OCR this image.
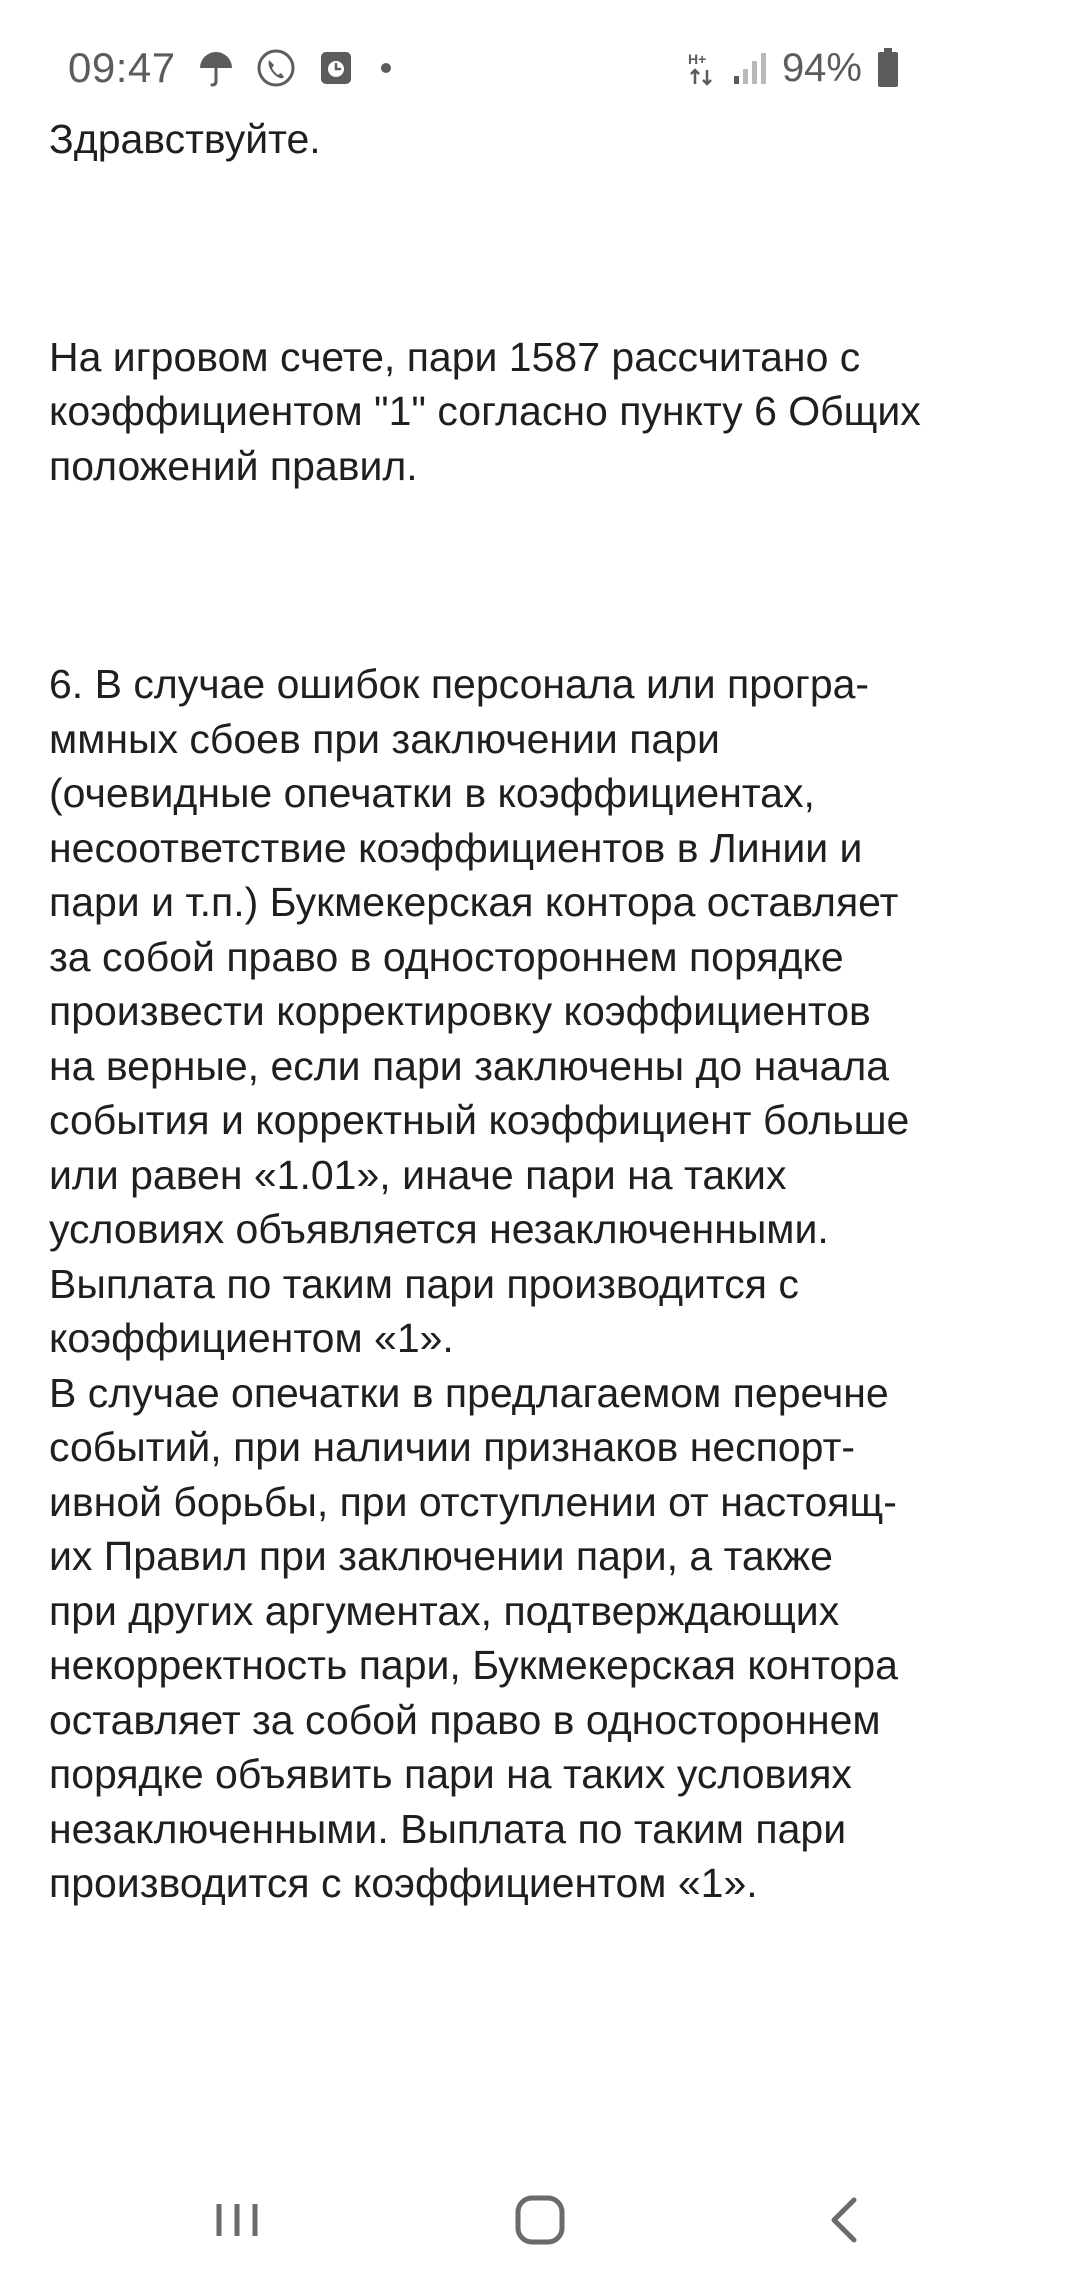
09:47	H+ 94%

Здравствуйте.

На игровом счете, пари 1587 рассчитано с

коэффициентом "1" согласно пункту 6 Общих

положений правил.

6. В случае ошибок персонала или програ-

ммных сбоев при заключении пари

(очевидные опечатки в коэффициентах,

несоответствие коэффициентов в Линии и

пари и т.п.) Букмекерская контора оставляет

за собой право в одностороннем порядке

произвести корректировку коэффициентов

на верные, если пари заключены до начала

события и корректный коэффициент больше

или равен «1.01», иначе пари на таких

условиях объявляется незаключенными.

Выплата по таким пари производится с

коэффициентом «1».

В случае опечатки в предлагаемом перечне

событий, при наличии признаков неспорт-

ивной борьбы, при отступлении от настоящ-

их Правил при заключении пари, а также

при других аргументах, подтверждающих

некорректность пари, Букмекерская контора

оставляет за собой право в одностороннем

порядке объявить пари на таких условиях

незаключенными. Выплата по таким пари

производится с коэффициентом «1».
